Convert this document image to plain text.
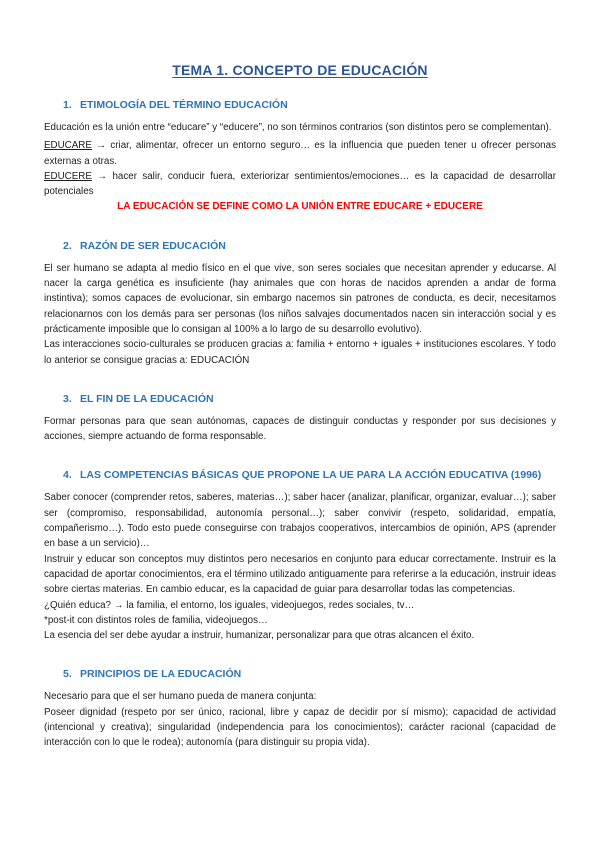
TEMA 1. CONCEPTO DE EDUCACIÓN
1. ETIMOLOGÍA DEL TÉRMINO EDUCACIÓN

Educación es la unión entre “educare” y “educere”, no son términos contrarios (son distintos pero se complementan).

EDUCARE → criar, alimentar, ofrecer un entorno seguro… es la influencia que pueden tener u ofrecer personas externas a otras.

EDUCERE → hacer salir, conducir fuera, exteriorizar sentimientos/emociones… es la capacidad de desarrollar potenciales

LA EDUCACIÓN SE DEFINE COMO LA UNIÓN ENTRE EDUCARE + EDUCERE

2. RAZÓN DE SER EDUCACIÓN

El ser humano se adapta al medio físico en el que vive, son seres sociales que necesitan aprender y educarse. Al nacer la carga genética es insuficiente (hay animales que con horas de nacidos aprenden a andar de forma instintiva); somos capaces de evolucionar, sin embargo nacemos sin patrones de conducta, es decir, necesitamos relacionarnos con los demás para ser personas (los niños salvajes documentados nacen sin interacción social y es prácticamente imposible que lo consigan al 100% a lo largo de su desarrollo evolutivo).

Las interacciones socio-culturales se producen gracias a: familia + entorno + iguales + instituciones escolares. Y todo lo anterior se consigue gracias a: EDUCACIÓN

3. EL FIN DE LA EDUCACIÓN

Formar personas para que sean autónomas, capaces de distinguir conductas y responder por sus decisiones y acciones, siempre actuando de forma responsable.

4. LAS COMPETENCIAS BÁSICAS QUE PROPONE LA UE PARA LA ACCIÓN EDUCATIVA (1996)

Saber conocer (comprender retos, saberes, materias…); saber hacer (analizar, planificar, organizar, evaluar…); saber ser (compromiso, responsabilidad, autonomía personal…); saber convivir (respeto, solidaridad, empatía, compañerismo…). Todo esto puede conseguirse con trabajos cooperativos, intercambios de opinión, APS (aprender en base a un servicio)…

Instruir y educar son conceptos muy distintos pero necesarios en conjunto para educar correctamente. Instruir es la capacidad de aportar conocimientos, era el término utilizado antiguamente para referirse a la educación, instruir ideas sobre ciertas materias. En cambio educar, es la capacidad de guiar para desarrollar todas las competencias.

¿Quién educa? → la familia, el entorno, los iguales, videojuegos, redes sociales, tv…

*post-it con distintos roles de familia, videojuegos…

La esencia del ser debe ayudar a instruir, humanizar, personalizar para que otras alcancen el éxito.

5. PRINCIPIOS DE LA EDUCACIÓN

Necesario para que el ser humano pueda de manera conjunta:

Poseer dignidad (respeto por ser único, racional, libre y capaz de decidir por sí mismo); capacidad de actividad (intencional y creativa); singularidad (independencia para los conocimientos); carácter racional (capacidad de interacción con lo que le rodea); autonomía (para distinguir su propia vida).
